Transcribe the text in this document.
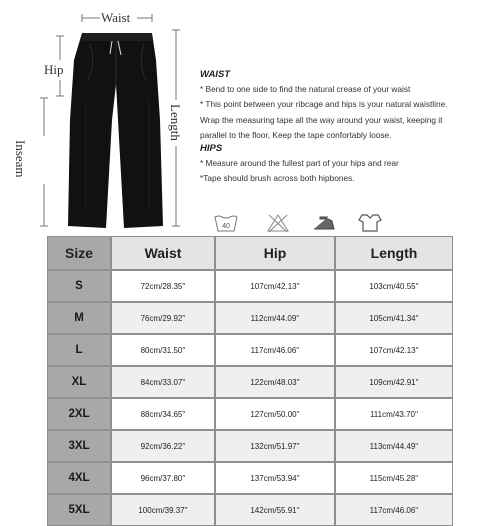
Waist
Hip
Inseam
Length
WAIST
* Bend to one side to find the natural crease of your waist
* This point between your ribcage and hips is your natural waistline.
Wrap the measuring tape all the way around your waist, keeping it
parallel to the floor, Keep the tape confortably loose.
HIPS
* Measure around the fullest part of your hips and rear
*Tape should brush across both hipbones.
40
Size	Waist	Hip	Length
S	72cm/28.35''	107cm/42.13''	103cm/40.55''
M	76cm/29.92''	112cm/44.09''	105cm/41.34''
L	80cm/31.50''	117cm/46.06''	107cm/42.13''
XL	84cm/33.07''	122cm/48.03''	109cm/42.91''
2XL	88cm/34.65''	127cm/50.00''	111cm/43.70''
3XL	92cm/36.22''	132cm/51.97''	113cm/44.49''
4XL	96cm/37.80''	137cm/53.94''	115cm/45.28''
5XL	100cm/39.37''	142cm/55.91''	117cm/46.06''
